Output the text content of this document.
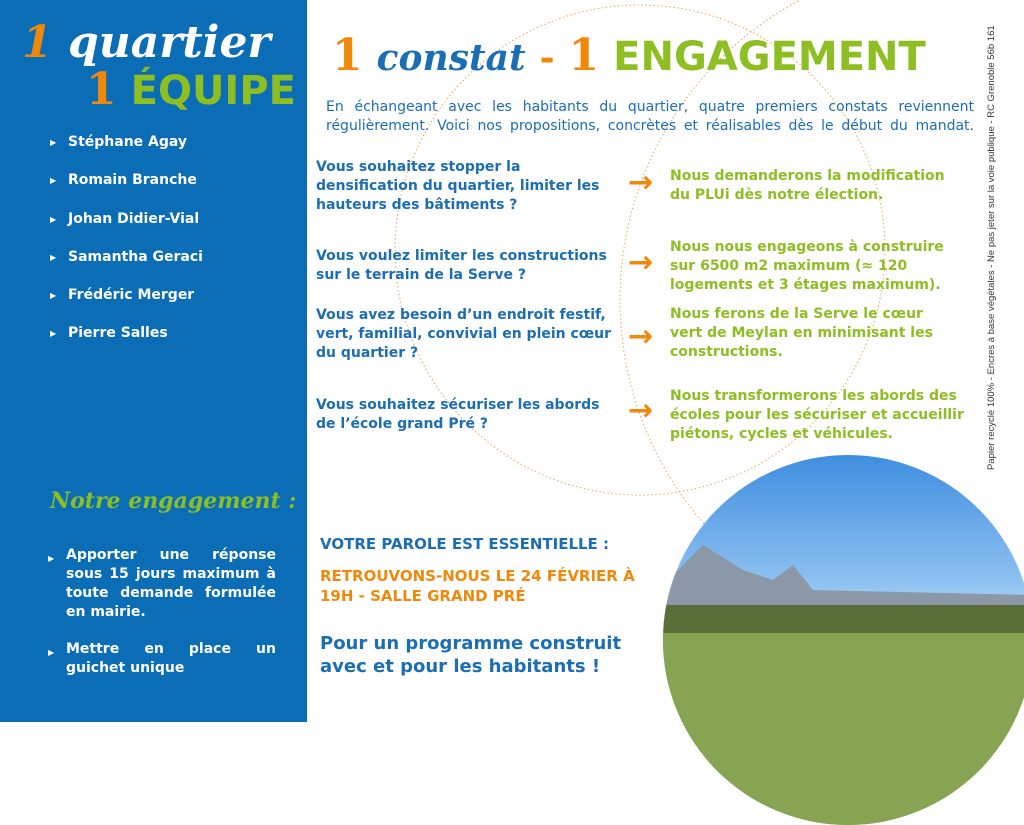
1 quartier
1 ÉQUIPE
▶ Stéphane Agay
▶ Romain Branche
▶ Johan Didier-Vial
▶ Samantha Geraci
▶ Frédéric Merger
▶ Pierre Salles
Notre engagement :
▶ Apporter une réponse sous 15 jours maximum à toute demande formulée en mairie.
▶ Mettre en place un guichet unique
1 constat - 1 ENGAGEMENT
En échangeant avec les habitants du quartier, quatre premiers constats reviennent régulièrement. Voici nos propositions, concrètes et réalisables dès le début du mandat.
Vous souhaitez stopper la
densification du quartier, limiter les
hauteurs des bâtiments ?
→ Nous demanderons la modification
du PLUi dès notre élection.
Vous voulez limiter les constructions
sur le terrain de la Serve ?	→ Nous nous engageons à construire
sur 6500 m2 maximum (≈ 120
logements et 3 étages maximum).
Vous avez besoin d’un endroit festif,
vert, familial, convivial en plein cœur
du quartier ?	→
Nous ferons de la Serve le cœur
vert de Meylan en minimisant les
constructions.
Vous souhaitez sécuriser les abords
de l’école grand Pré ?	→ Nous transformerons les abords des
écoles pour les sécuriser et accueillir
piétons, cycles et véhicules.	Papier recyclé 100% - Encres à base végétales - Ne pas jeter sur la voie publique - RC Grenoble 56b 161
VOTRE PAROLE EST ESSENTIELLE :
RETROUVONS-NOUS LE 24 FÉVRIER À
19H - SALLE GRAND PRÉ
Pour un programme construit
avec et pour les habitants !
